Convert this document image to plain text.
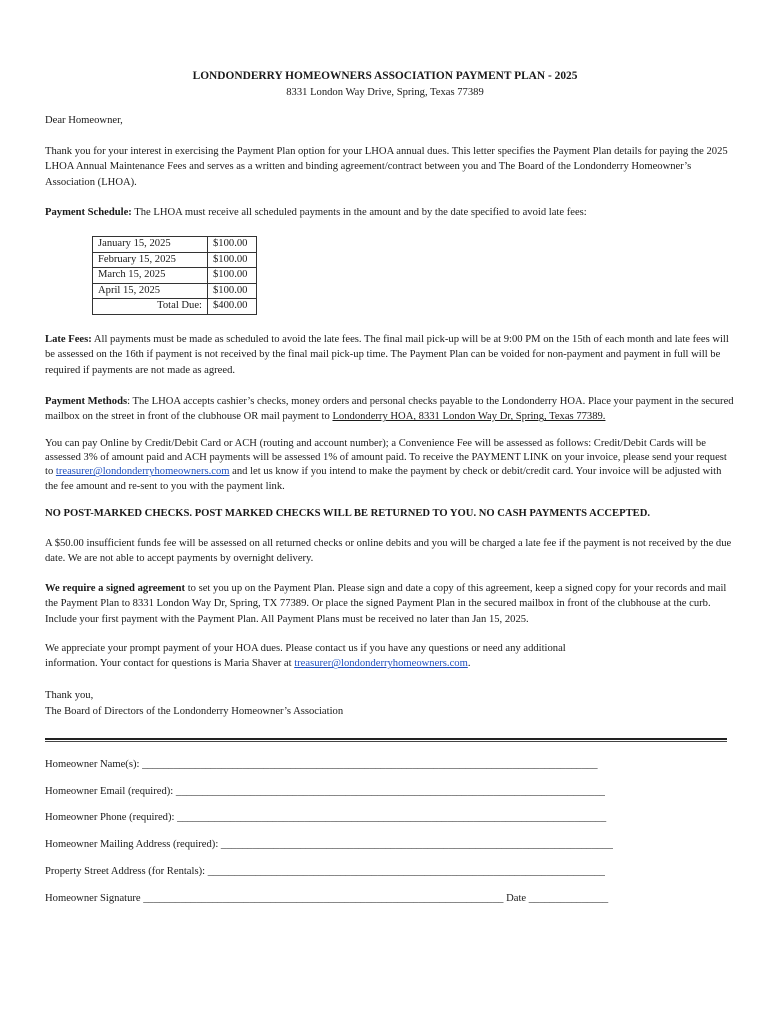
LONDONDERRY HOMEOWNERS ASSOCIATION PAYMENT PLAN - 2025
8331 London Way Drive, Spring, Texas 77389
Dear Homeowner,
Thank you for your interest in exercising the Payment Plan option for your LHOA annual dues. This letter specifies the Payment Plan details for paying the 2025 LHOA Annual Maintenance Fees and serves as a written and binding agreement/contract between you and The Board of the Londonderry Homeowner’s Association (LHOA).
Payment Schedule: The LHOA must receive all scheduled payments in the amount and by the date specified to avoid late fees:
January 15, 2025	$100.00
February 15, 2025	$100.00
March 15, 2025	$100.00
April 15, 2025	$100.00
Total Due:	$400.00
Late Fees: All payments must be made as scheduled to avoid the late fees. The final mail pick-up will be at 9:00 PM on the 15th of each month and late fees will be assessed on the 16th if payment is not received by the final mail pick-up time. The Payment Plan can be voided for non-payment and payment in full will be required if payments are not made as agreed.
Payment Methods: The LHOA accepts cashier’s checks, money orders and personal checks payable to the Londonderry HOA. Place your payment in the secured mailbox on the street in front of the clubhouse OR mail payment to Londonderry HOA, 8331 London Way Dr, Spring, Texas 77389.
You can pay Online by Credit/Debit Card or ACH (routing and account number); a Convenience Fee will be assessed as follows: Credit/Debit Cards will be assessed 3% of amount paid and ACH payments will be assessed 1% of amount paid. To receive the PAYMENT LINK on your invoice, please send your request to treasurer@londonderryhomeowners.com and let us know if you intend to make the payment by check or debit/credit card. Your invoice will be adjusted with the fee amount and re-sent to you with the payment link.
NO POST-MARKED CHECKS. POST MARKED CHECKS WILL BE RETURNED TO YOU. NO CASH PAYMENTS ACCEPTED.
A $50.00 insufficient funds fee will be assessed on all returned checks or online debits and you will be charged a late fee if the payment is not received by the due date. We are not able to accept payments by overnight delivery.
We require a signed agreement to set you up on the Payment Plan. Please sign and date a copy of this agreement, keep a signed copy for your records and mail the Payment Plan to 8331 London Way Dr, Spring, TX 77389. Or place the signed Payment Plan in the secured mailbox in front of the clubhouse at the curb. Include your first payment with the Payment Plan. All Payment Plans must be received no later than Jan 15, 2025.
We appreciate your prompt payment of your HOA dues. Please contact us if you have any questions or need any additional
information. Your contact for questions is Maria Shaver at treasurer@londonderryhomeowners.com.
Thank you,
The Board of Directors of the Londonderry Homeowner’s Association
Homeowner Name(s): ______________________________________________________________________________________
Homeowner Email (required): _________________________________________________________________________________
Homeowner Phone (required): _________________________________________________________________________________
Homeowner Mailing Address (required): __________________________________________________________________________
Property Street Address (for Rentals): ___________________________________________________________________________
Homeowner Signature ____________________________________________________________________ Date _______________
